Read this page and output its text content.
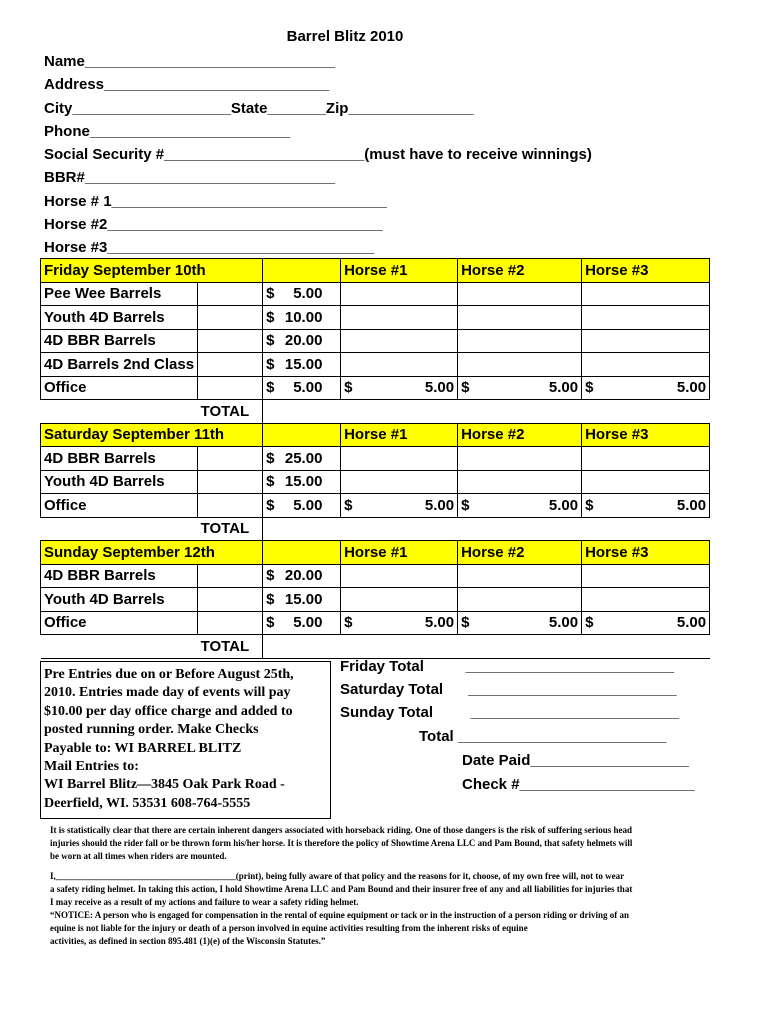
Barrel Blitz 2010
Name______________________________
Address___________________________
City___________________State_______Zip_______________
Phone________________________
Social Security #________________________(must have to receive winnings)
BBR#______________________________
Horse # 1_________________________________
Horse #2_________________________________
Horse #3________________________________
Friday September 10th			Horse #1	Horse #2	Horse #3
Pee Wee Barrels		$ 5.00			

Youth 4D Barrels		$ 10.00			

4D BBR Barrels		$ 20.00			

4D Barrels 2nd Class		$ 15.00			

Office		$ 5.00	$ 5.00	$ 5.00	$ 5.00

	TOTAL				
Saturday September 11th			Horse #1	Horse #2	Horse #3
4D BBR Barrels		$ 25.00			

Youth 4D Barrels		$ 15.00			

Office		$ 5.00	$ 5.00	$ 5.00	$ 5.00

	TOTAL				
Sunday September 12th			Horse #1	Horse #2	Horse #3
4D BBR Barrels		$ 20.00			

Youth 4D Barrels		$ 15.00			

Office		$ 5.00	$ 5.00	$ 5.00	$ 5.00

	TOTAL				
Pre Entries due on or Before August 25th,
2010. Entries made day of events will pay
$10.00 per day office charge and added to
posted running order. Make Checks
Payable to: WI BARREL BLITZ
Mail Entries to:
WI Barrel Blitz—3845 Oak Park Road -
Deerfield, WI. 53531 608-764-5555
Friday Total          _________________________
Saturday Total      _________________________
Sunday Total         _________________________
Total _________________________
Date Paid___________________
Check #_____________________
It is statistically clear that there are certain inherent dangers associated with horseback riding. One of those dangers is the risk of suffering serious head
injuries should the rider fall or be thrown form his/her horse. It is therefore the policy of Showtime Arena LLC and Pam Bound, that safety helmets will
be worn at all times when riders are mounted.
I,________________________________________(print), being fully aware of that policy and the reasons for it, choose, of my own free will, not to wear
a safety riding helmet. In taking this action, I hold Showtime Arena LLC and Pam Bound and their insurer free of any and all liabilities for injuries that
I may receive as a result of my actions and failure to wear a safety riding helmet.
“NOTICE: A person who is engaged for compensation in the rental of equine equipment or tack or in the instruction of a person riding or driving of an
equine is not liable for the injury or death of a person involved in equine activities resulting from the inherent risks of equine
activities, as defined in section 895.481 (1)(e) of the Wisconsin Statutes.”
